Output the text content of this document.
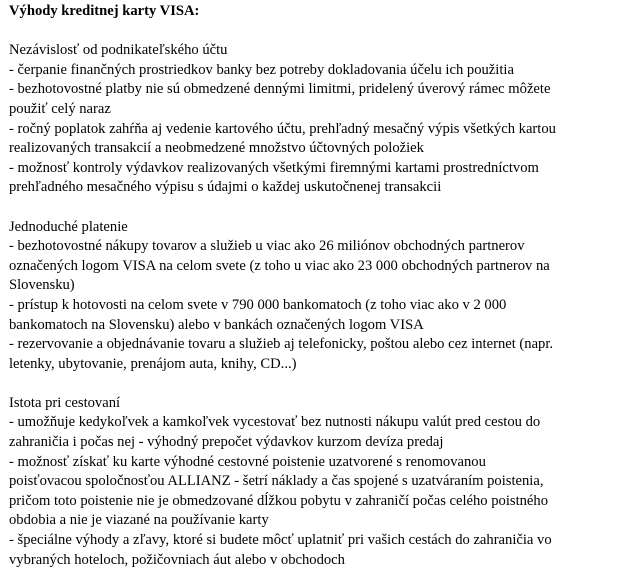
Výhody kreditnej karty VISA:
Nezávislosť od podnikateľského účtu
- čerpanie finančných prostriedkov banky bez potreby dokladovania účelu ich použitia
- bezhotovostné platby nie sú obmedzené dennými limitmi, pridelený úverový rámec môžete
použiť celý naraz
- ročný poplatok zahŕňa aj vedenie kartového účtu, prehľadný mesačný výpis všetkých kartou
realizovaných transakcií a neobmedzené množstvo účtovných položiek
- možnosť kontroly výdavkov realizovaných všetkými firemnými kartami prostredníctvom
prehľadného mesačného výpisu s údajmi o každej uskutočnenej transakcii
Jednoduché platenie
- bezhotovostné nákupy tovarov a služieb u viac ako 26 miliónov obchodných partnerov
označených logom VISA na celom svete (z toho u viac ako 23 000 obchodných partnerov na
Slovensku)
- prístup k hotovosti na celom svete v 790 000 bankomatoch (z toho viac ako v 2 000
bankomatoch na Slovensku) alebo v bankách označených logom VISA
- rezervovanie a objednávanie tovaru a služieb aj telefonicky, poštou alebo cez internet (napr.
letenky, ubytovanie, prenájom auta, knihy, CD...)
Istota pri cestovaní
- umožňuje kedykoľvek a kamkoľvek vycestovať bez nutnosti nákupu valút pred cestou do
zahraničia i počas nej - výhodný prepočet výdavkov kurzom devíza predaj
- možnosť získať ku karte výhodné cestovné poistenie uzatvorené s renomovanou
poisťovacou spoločnosťou ALLIANZ - šetrí náklady a čas spojené s uzatváraním poistenia,
pričom toto poistenie nie je obmedzované dĺžkou pobytu v zahraničí počas celého poistného
obdobia a nie je viazané na používanie karty
- špeciálne výhody a zľavy, ktoré si budete môcť uplatniť pri vašich cestách do zahraničia vo
vybraných hoteloch, požičovniach áut alebo v obchodoch
